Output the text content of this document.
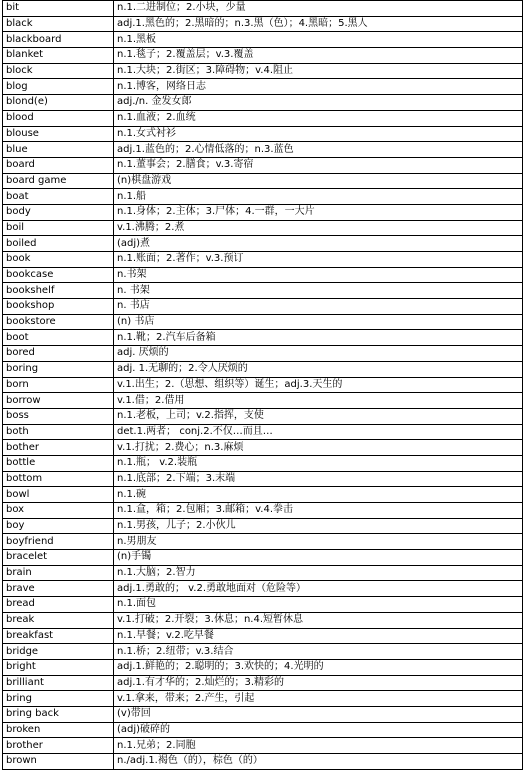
bit	n.1.二进制位；2.小块，少量
black	adj.1.黑色的；2.黑暗的；n.3.黑（色）；4.黑暗；5.黑人
blackboard	n.1.黑板
blanket	n.1.毯子；2.覆盖层；v.3.覆盖
block	n.1.大块；2.街区；3.障碍物；v.4.阻止
blog	n.1.博客，网络日志
blond(e)	adj./n. 金发女郎
blood	n.1.血液；2.血统
blouse	n.1.女式衬衫
blue	adj.1.蓝色的；2.心情低落的；n.3.蓝色
board	n.1.董事会；2.膳食；v.3.寄宿
board game	(n)棋盘游戏
boat	n.1.船
body	n.1.身体；2.主体；3.尸体；4.一群，一大片
boil	v.1.沸腾；2.煮
boiled	(adj)煮
book	n.1.账面；2.著作；v.3.预订
bookcase	n.书架
bookshelf	n. 书架
bookshop	n. 书店
bookstore	(n) 书店
boot	n.1.靴；2.汽车后备箱
bored	adj. 厌烦的
boring	adj. 1.无聊的；2.令人厌烦的
born	v.1.出生；2.（思想、组织等）诞生；adj.3.天生的
borrow	v.1.借；2.借用
boss	n.1.老板，上司；v.2.指挥，支使
both	det.1.两者； conj.2.不仅…而且…
bother	v.1.打扰；2.费心；n.3.麻烦
bottle	n.1.瓶； v.2.装瓶
bottom	n.1.底部；2.下端；3.末端
bowl	n.1.碗
box	n.1.盒，箱；2.包厢；3.邮箱；v.4.拳击
boy	n.1.男孩，儿子；2.小伙儿
boyfriend	n.男朋友
bracelet	(n)手镯
brain	n.1.大脑；2.智力
brave	adj.1.勇敢的； v.2.勇敢地面对（危险等）
bread	n.1.面包
break	v.1.打破；2.开裂；3.休息；n.4.短暂休息
breakfast	n.1.早餐；v.2.吃早餐
bridge	n.1.桥；2.纽带；v.3.结合
bright	adj.1.鲜艳的；2.聪明的；3.欢快的；4.光明的
brilliant	adj.1.有才华的；2.灿烂的；3.精彩的
bring	v.1.拿来，带来；2.产生，引起
bring back	(v)带回
broken	(adj)破碎的
brother	n.1.兄弟；2.同胞
brown	n./adj.1.褐色（的），棕色（的）
